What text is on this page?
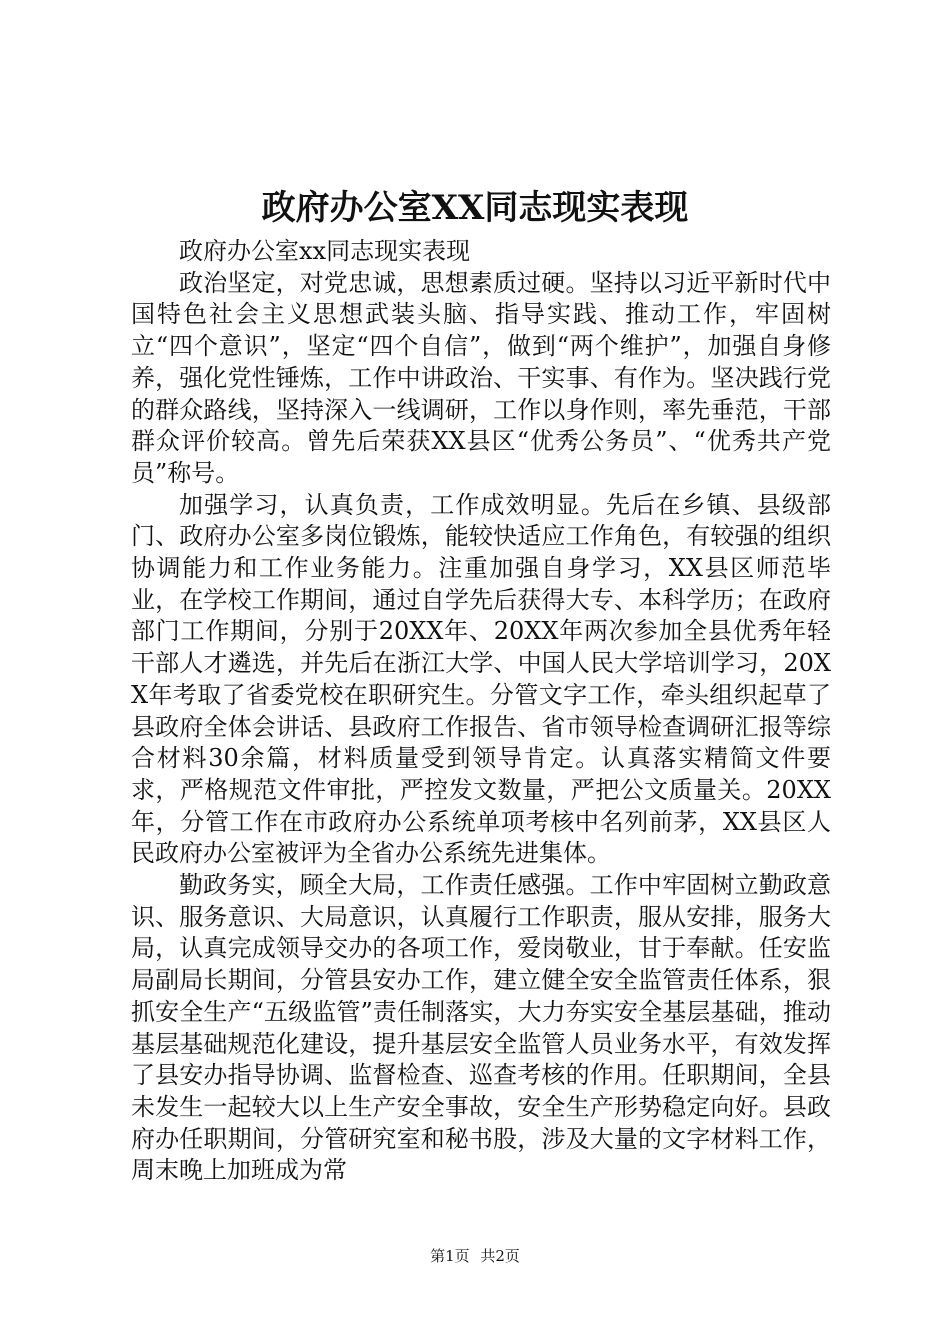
政府办公室XX同志现实表现

政府办公室xx同志现实表现

政治坚定，对党忠诚，思想素质过硬。坚持以习近平新时代中国特色社会主义思想武装头脑、指导实践、推动工作，牢固树立“四个意识”，坚定“四个自信”，做到“两个维护”，加强自身修养，强化党性锤炼，工作中讲政治、干实事、有作为。坚决践行党的群众路线，坚持深入一线调研，工作以身作则，率先垂范，干部群众评价较高。曾先后荣获XX县区“优秀公务员”、“优秀共产党员”称号。

加强学习，认真负责，工作成效明显。先后在乡镇、县级部门、政府办公室多岗位锻炼，能较快适应工作角色，有较强的组织协调能力和工作业务能力。注重加强自身学习，XX县区师范毕业，在学校工作期间，通过自学先后获得大专、本科学历；在政府部门工作期间，分别于20XX年、20XX年两次参加全县优秀年轻干部人才遴选，并先后在浙江大学、中国人民大学培训学习，20XX年考取了省委党校在职研究生。分管文字工作，牵头组织起草了县政府全体会讲话、县政府工作报告、省市领导检查调研汇报等综合材料30余篇，材料质量受到领导肯定。认真落实精简文件要求，严格规范文件审批，严控发文数量，严把公文质量关。20XX年，分管工作在市政府办公系统单项考核中名列前茅，XX县区人民政府办公室被评为全省办公系统先进集体。

勤政务实，顾全大局，工作责任感强。工作中牢固树立勤政意识、服务意识、大局意识，认真履行工作职责，服从安排，服务大局，认真完成领导交办的各项工作，爱岗敬业，甘于奉献。任安监局副局长期间，分管县安办工作，建立健全安全监管责任体系，狠抓安全生产“五级监管”责任制落实，大力夯实安全基层基础，推动基层基础规范化建设，提升基层安全监管人员业务水平，有效发挥了县安办指导协调、监督检查、巡查考核的作用。任职期间，全县未发生一起较大以上生产安全事故，安全生产形势稳定向好。县政府办任职期间，分管研究室和秘书股，涉及大量的文字材料工作，周末晚上加班成为常

第1页 共2页
